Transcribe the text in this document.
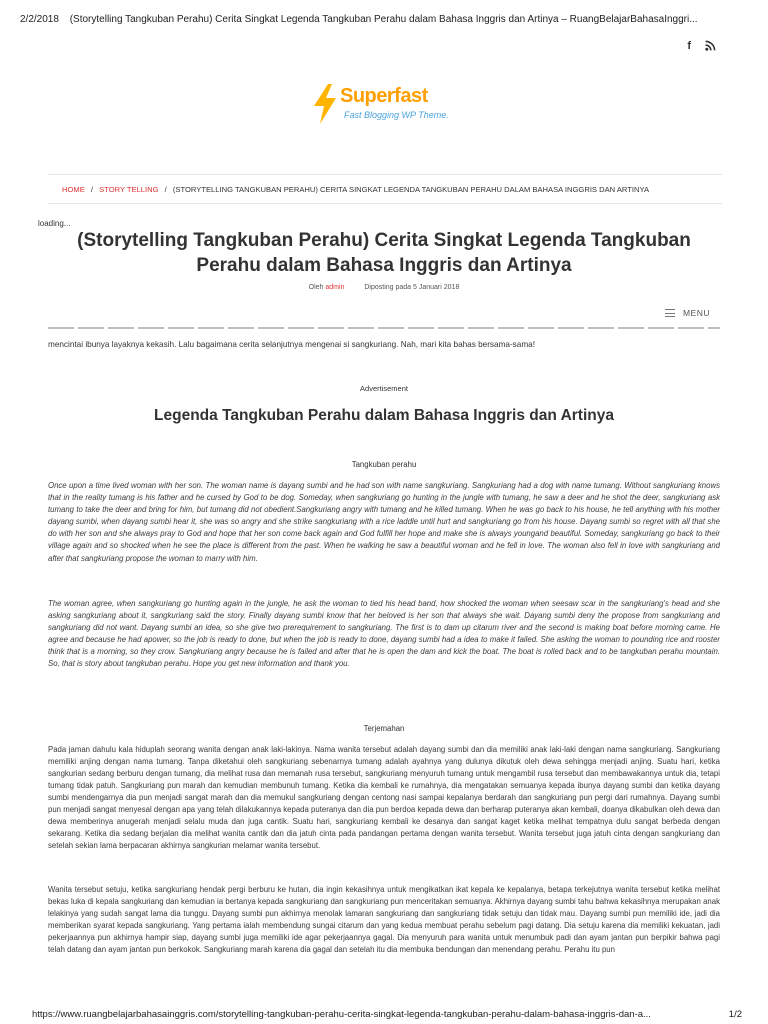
2/2/2018 (Storytelling Tangkuban Perahu) Cerita Singkat Legenda Tangkuban Perahu dalam Bahasa Inggris dan Artinya – RuangBelajarBahasaInggri...
f
Superfast
Fast Blogging WP Theme.
HOME / STORY TELLING / (STORYTELLING TANGKUBAN PERAHU) CERITA SINGKAT LEGENDA TANGKUBAN PERAHU DALAM BAHASA INGGRIS DAN ARTINYA
loading...
(Storytelling Tangkuban Perahu) Cerita Singkat Legenda Tangkuban
Perahu dalam Bahasa Inggris dan Artinya
Oleh admin	Diposting pada 5 Januari 2018
MENU

mencintai ibunya layaknya kekasih. Lalu bagaimana cerita selanjutnya mengenai si sangkuriang. Nah, mari kita bahas bersama-sama!

Advertisement
Legenda Tangkuban Perahu dalam Bahasa Inggris dan Artinya
Tangkuban perahu

Once upon a time lived woman with her son. The woman name is dayang sumbi and he had son with name sangkuriang. Sangkuriang had a dog with name tumang. Without sangkuriang knows that in the reality tumang is his father and he cursed by God to be dog. Someday, when sangkuriang go hunting in the jungle with tumang, he saw a deer and he shot the deer, sangkuriang ask tumang to take the deer and bring for him, but tumang did not obedient.Sangkuriang angry with tumang and he killed tumang. When he was go back to his house, he tell anything with his mother dayang sumbi, when dayang sumbi hear it, she was so angry and she strike sangkuriang with a rice laddle until hurt and sangkuriang go from his house. Dayang sumbi so regret with all that she do with her son and she always pray to God and hope that her son come back again and God fulfill her hope and make she is always youngand beautiful. Someday, sangkuriang go back to their village again and so shocked when he see the place is different from the past. When he walking he saw a beautiful woman and he fell in love. The woman also fell in love with sangkuriang and after that sangkuriang propose the woman to marry with him.

The woman agree, when sangkuriang go hunting again in the jungle, he ask the woman to tied his head band, how shocked the woman when seesaw scar in the sangkuriang's head and she asking sangkuriang about it, sangkuriang said the story. Finally dayang sumbi know that her beloved is her son that always she wait. Dayang sumbi deny the propose from sangkuriang and sangkuriang did not want. Dayang sumbi an idea, so she give two prerequirement to sangkuriang. The first is to dam up citarum river and the second is making boat before morning came. He agree and because he had apower, so the job is ready to done, but when the job is ready to done, dayang sumbi had a idea to make it failed. She asking the woman to pounding rice and rooster think that is a morning, so they crow. Sangkuriang angry because he is failed and after that he is open the dam and kick the boat. The boat is rolled back and to be tangkuban perahu mountain. So, that is story about tangkuban perahu. Hope you get new information and thank you.

Terjemahan

Pada jaman dahulu kala hiduplah seorang wanita dengan anak laki-lakinya. Nama wanita tersebut adalah dayang sumbi dan dia memiliki anak laki-laki dengan nama sangkuriang. Sangkuriang memiliki anjing dengan nama tumang. Tanpa diketahui oleh sangkuriang sebenarnya tumang adalah ayahnya yang dulunya dikutuk oleh dewa sehingga menjadi anjing. Suatu hari, ketika sangkurian sedang berburu dengan tumang, dia melihat rusa dan memanah rusa tersebut, sangkuriang menyuruh tumang untuk mengambil rusa tersebut dan membawakannya untuk dia, tetapi tumang tidak patuh. Sangkuriang pun marah dan kemudian membunuh tumang. Ketika dia kembali ke rumahnya, dia mengatakan semuanya kepada ibunya dayang sumbi dan ketika dayang sumbi mendengarnya dia pun menjadi sangat marah dan dia memukul sangkuriang dengan centong nasi sampai kepalanya berdarah dan sangkuriang pun pergi dari rumahnya. Dayang sumbi pun menjadi sangat menyesal dengan apa yang telah dilakukannya kepada puteranya dan dia pun berdoa kepada dewa dan berharap puteranya akan kembali, doanya dikabulkan oleh dewa dan dewa memberinya anugerah menjadi selalu muda dan juga cantik. Suatu hari, sangkuriang kembali ke desanya dan sangat kaget ketika melihat tempatnya dulu sangat berbeda dengan sekarang. Ketika dia sedang berjalan dia melihat wanita cantik dan dia jatuh cinta pada pandangan pertama dengan wanita tersebut. Wanita tersebut juga jatuh cinta dengan sangkuriang dan setelah sekian lama berpacaran akhirnya sangkurian melamar wanita tersebut.

Wanita tersebut setuju, ketika sangkuriang hendak pergi berburu ke hutan, dia ingin kekasihnya untuk mengikatkan ikat kepala ke kepalanya, betapa terkejutnya wanita tersebut ketika melihat bekas luka di kepala sangkuriang dan kemudian ia bertanya kepada sangkuriang dan sangkuriang pun menceritakan semuanya. Akhirnya dayang sumbi tahu bahwa kekasihnya merupakan anak lelakinya yang sudah sangat lama dia tunggu. Dayang sumbi pun akhirnya menolak lamaran sangkuriang dan sangkuriang tidak setuju dan tidak mau. Dayang sumbi pun memiliki ide, jadi dia memberikan syarat kepada sangkuriang. Yang pertama ialah membendung sungai citarum dan yang kedua membuat perahu sebelum pagi datang. Dia setuju karena dia memiliki kekuatan, jadi pekerjaannya pun akhirnya hampir siap, dayang sumbi juga memiliki ide agar pekerjaannya gagal. Dia menyuruh para wanita untuk menumbuk padi dan ayam jantan pun berpikir bahwa pagi telah datang dan ayam jantan pun berkokok. Sangkuriang marah karena dia gagal dan setelah itu dia membuka bendungan dan menendang perahu. Perahu itu pun

https://www.ruangbelajarbahasainggris.com/storytelling-tangkuban-perahu-cerita-singkat-legenda-tangkuban-perahu-dalam-bahasa-inggris-dan-a...	1/2
